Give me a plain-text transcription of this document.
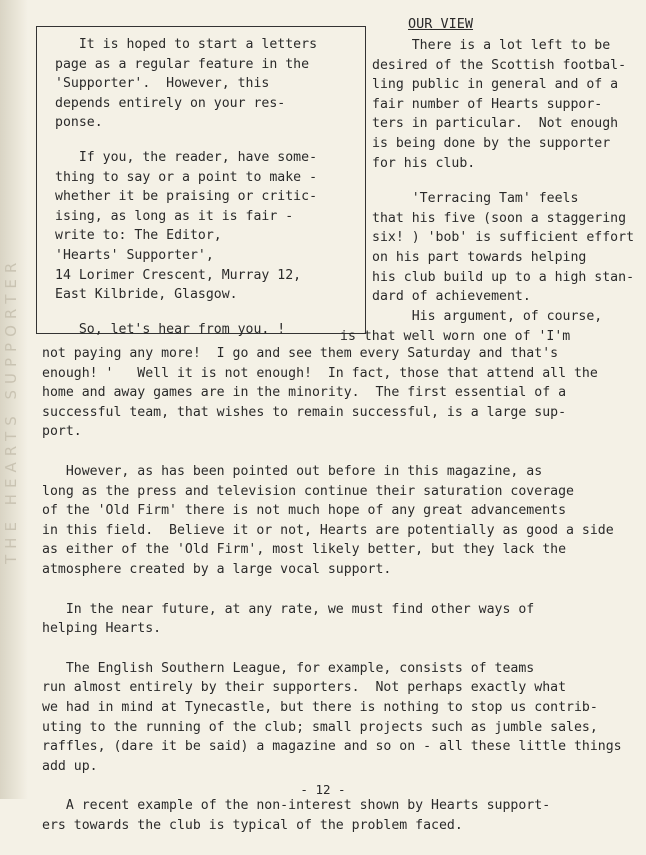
THE HEARTS SUPPORTER

It is hoped to start a letters
page as a regular feature in the
'Supporter'.  However, this
depends entirely on your res-
ponse.

If you, the reader, have some-
thing to say or a point to make -
whether it be praising or critic-
ising, as long as it is fair -
write to: The Editor,
'Hearts' Supporter',
14 Lorimer Crescent, Murray 12,
East Kilbride, Glasgow.

So, let's hear from you. !

OUR VIEW

There is a lot left to be
desired of the Scottish footbal-
ling public in general and of a
fair number of Hearts suppor-
ters in particular.  Not enough
is being done by the supporter
for his club.

'Terracing Tam' feels
that his five (soon a staggering
six! ) 'bob' is sufficient effort
on his part towards helping
his club build up to a high stan-
dard of achievement.
His argument, of course,

is that well worn one of 'I'm

not paying any more!  I go and see them every Saturday and that's
enough! '   Well it is not enough!  In fact, those that attend all the
home and away games are in the minority.  The first essential of a
successful team, that wishes to remain successful, is a large sup-
port.

However, as has been pointed out before in this magazine, as
long as the press and television continue their saturation coverage
of the 'Old Firm' there is not much hope of any great advancements
in this field.  Believe it or not, Hearts are potentially as good a side
as either of the 'Old Firm', most likely better, but they lack the
atmosphere created by a large vocal support.

In the near future, at any rate, we must find other ways of
helping Hearts.

The English Southern League, for example, consists of teams
run almost entirely by their supporters.  Not perhaps exactly what
we had in mind at Tynecastle, but there is nothing to stop us contrib-
uting to the running of the club; small projects such as jumble sales,
raffles, (dare it be said) a magazine and so on - all these little things
add up.

A recent example of the non-interest shown by Hearts support-
ers towards the club is typical of the problem faced.

- 12 -
